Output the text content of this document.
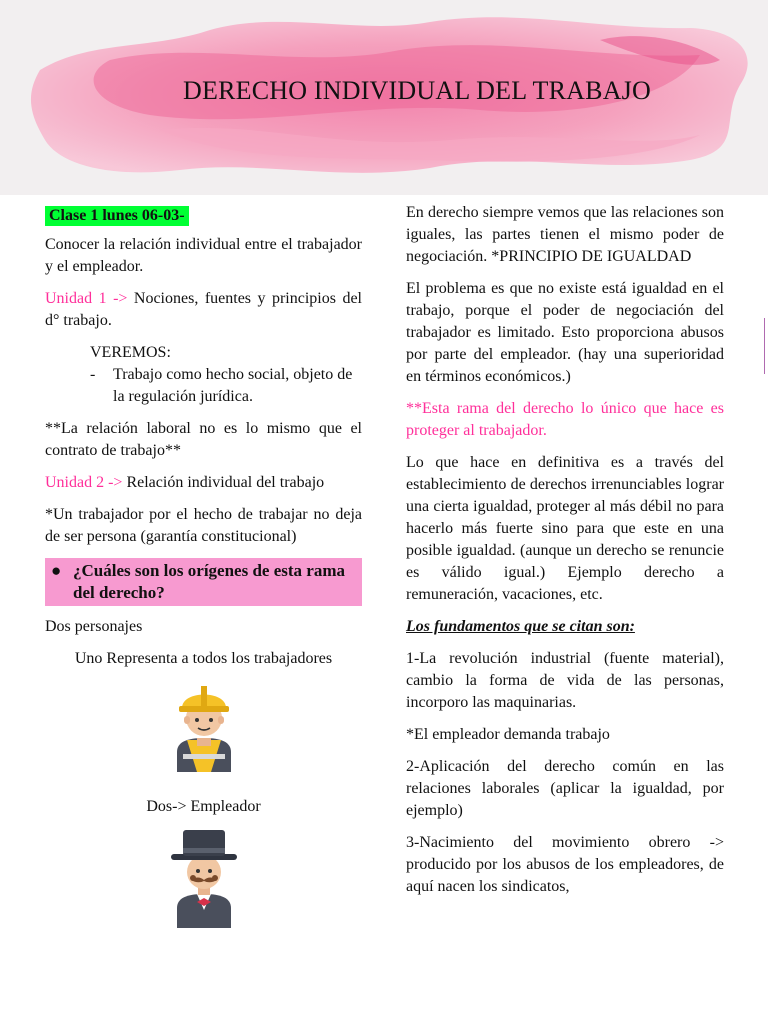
DERECHO INDIVIDUAL DEL TRABAJO
Clase 1 lunes 06-03-

Conocer la relación individual entre el trabajador y el empleador.

Unidad 1 -> Nociones, fuentes y principios del d° trabajo.

VEREMOS:
-	Trabajo como hecho social, objeto de la regulación jurídica.

**La relación laboral no es lo mismo que el contrato de trabajo**

Unidad 2 -> Relación individual del trabajo

*Un trabajador por el hecho de trabajar no deja de ser persona (garantía constitucional)

● ¿Cuáles son los orígenes de esta rama del derecho?

Dos personajes

Uno Representa a todos los trabajadores

Dos-> Empleador

En derecho siempre vemos que las relaciones son iguales, las partes tienen el mismo poder de negociación. *PRINCIPIO DE IGUALDAD

El problema es que no existe está igualdad en el trabajo, porque el poder de negociación del trabajador es limitado. Esto proporciona abusos por parte del empleador. (hay una superioridad en términos económicos.)

**Esta rama del derecho lo único que hace es proteger al trabajador.

Lo que hace en definitiva es a través del establecimiento de derechos irrenunciables lograr una cierta igualdad, proteger al más débil no para hacerlo más fuerte sino para que este en una posible igualdad. (aunque un derecho se renuncie es válido igual.) Ejemplo derecho a remuneración, vacaciones, etc.

Los fundamentos que se citan son:

1-La revolución industrial (fuente material), cambio la forma de vida de las personas, incorporo las maquinarias.

*El empleador demanda trabajo

2-Aplicación del derecho común en las relaciones laborales (aplicar la igualdad, por ejemplo)

3-Nacimiento del movimiento obrero -> producido por los abusos de los empleadores, de aquí nacen los sindicatos,
